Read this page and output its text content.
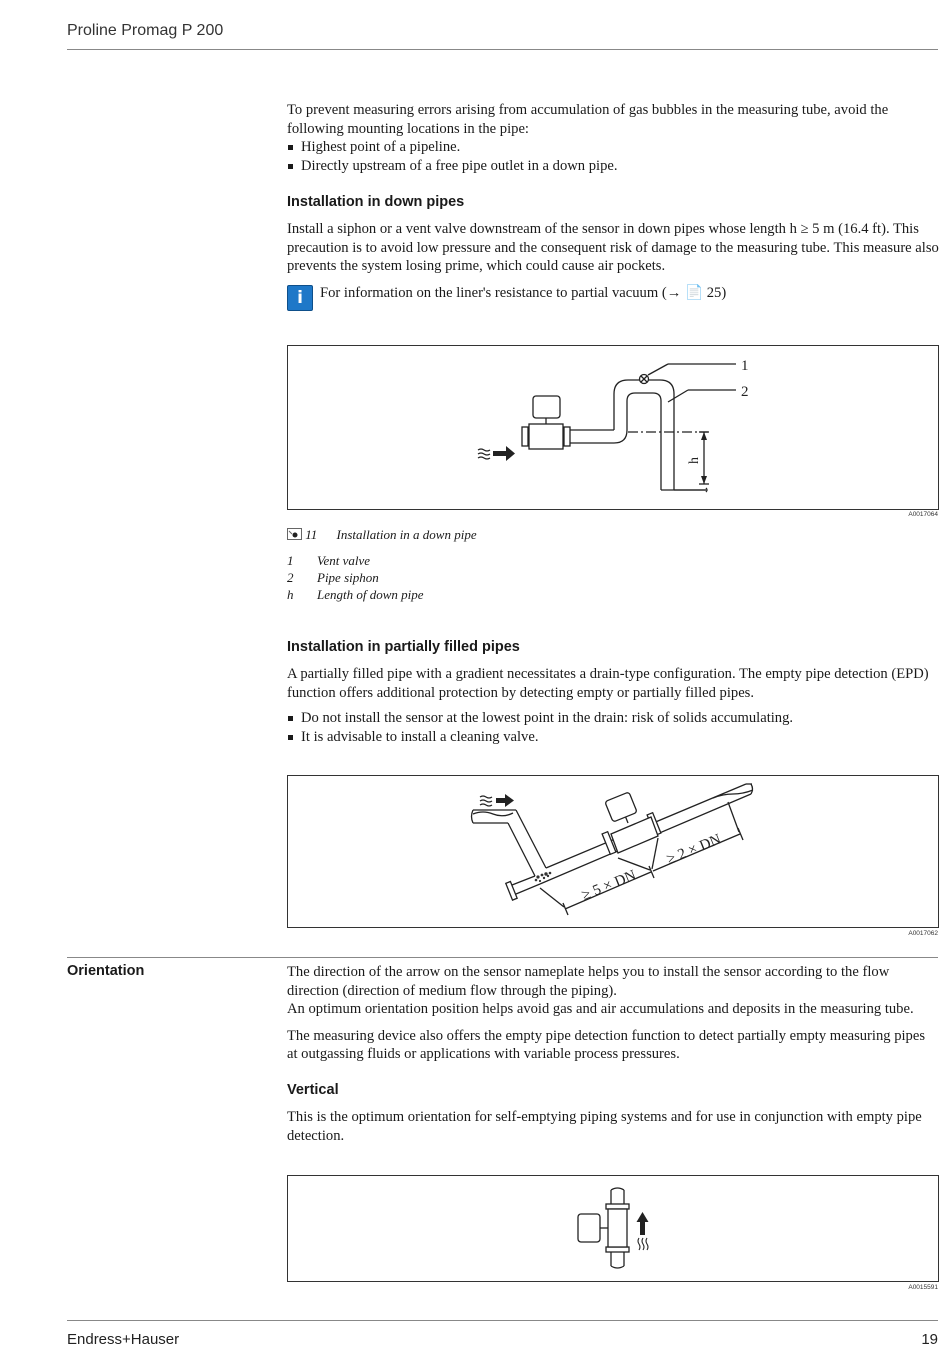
Proline Promag P 200

To prevent measuring errors arising from accumulation of gas bubbles in the measuring tube, avoid the following mounting locations in the pipe:

Highest point of a pipeline.
Directly upstream of a free pipe outlet in a down pipe.
Installation in down pipes
Install a siphon or a vent valve downstream of the sensor in down pipes whose length h ≥ 5 m (16.4 ft). This precaution is to avoid low pressure and the consequent risk of damage to the measuring tube. This measure also prevents the system losing prime, which could cause air pockets.
i	For information on the liner's resistance to partial vacuum (→ 📄 25)
1
2
h
A0017064
11 Installation in a down pipe
1 Vent valve
2 Pipe siphon
h Length of down pipe
Installation in partially filled pipes
A partially filled pipe with a gradient necessitates a drain-type configuration. The empty pipe detection (EPD) function offers additional protection by detecting empty or partially filled pipes.
Do not install the sensor at the lowest point in the drain: risk of solids accumulating.
It is advisable to install a cleaning valve.
≥ 5 × DN
≥ 2 × DN
A0017062
Orientation	The direction of the arrow on the sensor nameplate helps you to install the sensor according to the flow direction (direction of medium flow through the piping).

An optimum orientation position helps avoid gas and air accumulations and deposits in the measuring tube.

The measuring device also offers the empty pipe detection function to detect partially empty measuring pipes at outgassing fluids or applications with variable process pressures.

Vertical
This is the optimum orientation for self-emptying piping systems and for use in conjunction with empty pipe detection.
A0015591
Endress+Hauser	19
